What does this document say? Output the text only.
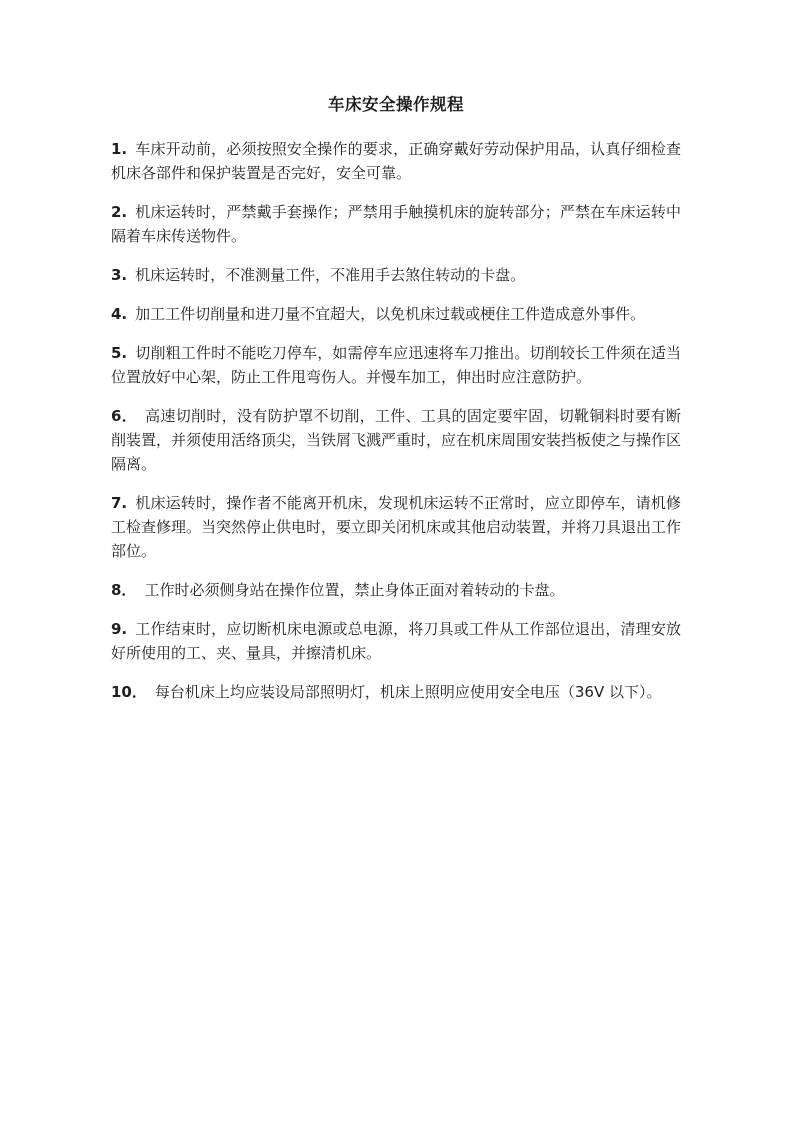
车床安全操作规程

1. 车床开动前，必须按照安全操作的要求，正确穿戴好劳动保护用品，认真仔细检查机床各部件和保护装置是否完好，安全可靠。

2. 机床运转时，严禁戴手套操作；严禁用手触摸机床的旋转部分；严禁在车床运转中隔着车床传送物件。

3. 机床运转时，不准测量工件，不准用手去煞住转动的卡盘。

4. 加工工件切削量和进刀量不宜超大，以免机床过载或梗住工件造成意外事件。

5. 切削粗工件时不能吃刀停车，如需停车应迅速将车刀推出。切削较长工件须在适当位置放好中心架，防止工件甩弯伤人。并慢车加工，伸出时应注意防护。

6． 高速切削时，没有防护罩不切削，工件、工具的固定要牢固，切靴铜料时要有断削装置，并须使用活络顶尖，当铁屑飞溅严重时，应在机床周围安装挡板使之与操作区隔离。

7. 机床运转时，操作者不能离开机床，发现机床运转不正常时，应立即停车，请机修工检查修理。当突然停止供电时，要立即关闭机床或其他启动装置，并将刀具退出工作部位。

8． 工作时必须侧身站在操作位置，禁止身体正面对着转动的卡盘。

9. 工作结束时，应切断机床电源或总电源，将刀具或工件从工作部位退出，清理安放好所使用的工、夹、量具，并擦清机床。

10． 每台机床上均应装设局部照明灯，机床上照明应使用安全电压（36V 以下）。
